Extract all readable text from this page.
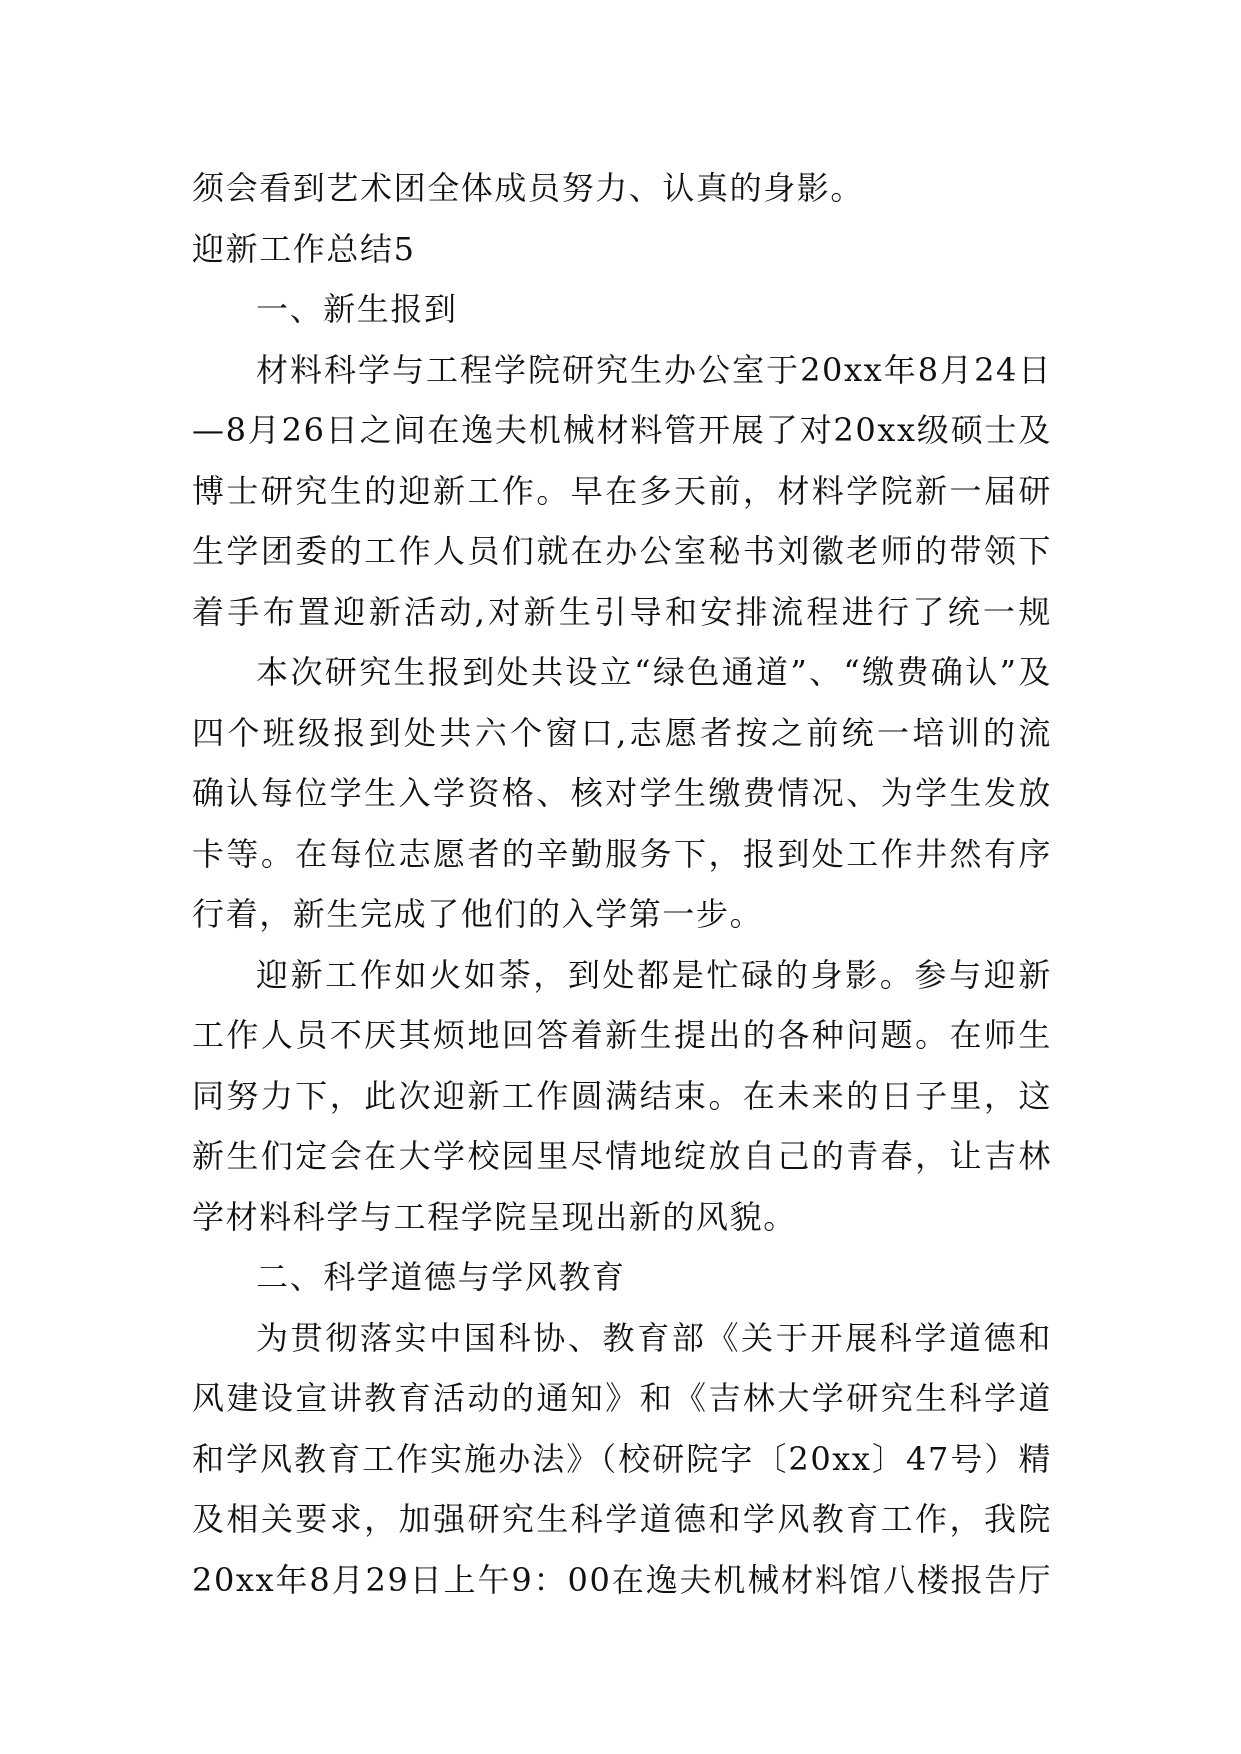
须会看到艺术团全体成员努力、认真的身影。
迎新工作总结5
一、新生报到
材料科学与工程学院研究生办公室于20xx年8月24日
—8月26日之间在逸夫机械材料管开展了对20xx级硕士及
博士研究生的迎新工作。早在多天前，材料学院新一届研
生学团委的工作人员们就在办公室秘书刘徽老师的带领下
着手布置迎新活动,对新生引导和安排流程进行了统一规
本次研究生报到处共设立“绿色通道”、“缴费确认”及
四个班级报到处共六个窗口,志愿者按之前统一培训的流
确认每位学生入学资格、核对学生缴费情况、为学生发放
卡等。在每位志愿者的辛勤服务下，报到处工作井然有序
行着，新生完成了他们的入学第一步。
迎新工作如火如荼，到处都是忙碌的身影。参与迎新
工作人员不厌其烦地回答着新生提出的各种问题。在师生
同努力下，此次迎新工作圆满结束。在未来的日子里，这
新生们定会在大学校园里尽情地绽放自己的青春，让吉林
学材料科学与工程学院呈现出新的风貌。
二、科学道德与学风教育
为贯彻落实中国科协、教育部《关于开展科学道德和
风建设宣讲教育活动的通知》和《吉林大学研究生科学道
和学风教育工作实施办法》（校研院字〔20xx〕47号）精
及相关要求，加强研究生科学道德和学风教育工作，我院
20xx年8月29日上午9：00在逸夫机械材料馆八楼报告厅
